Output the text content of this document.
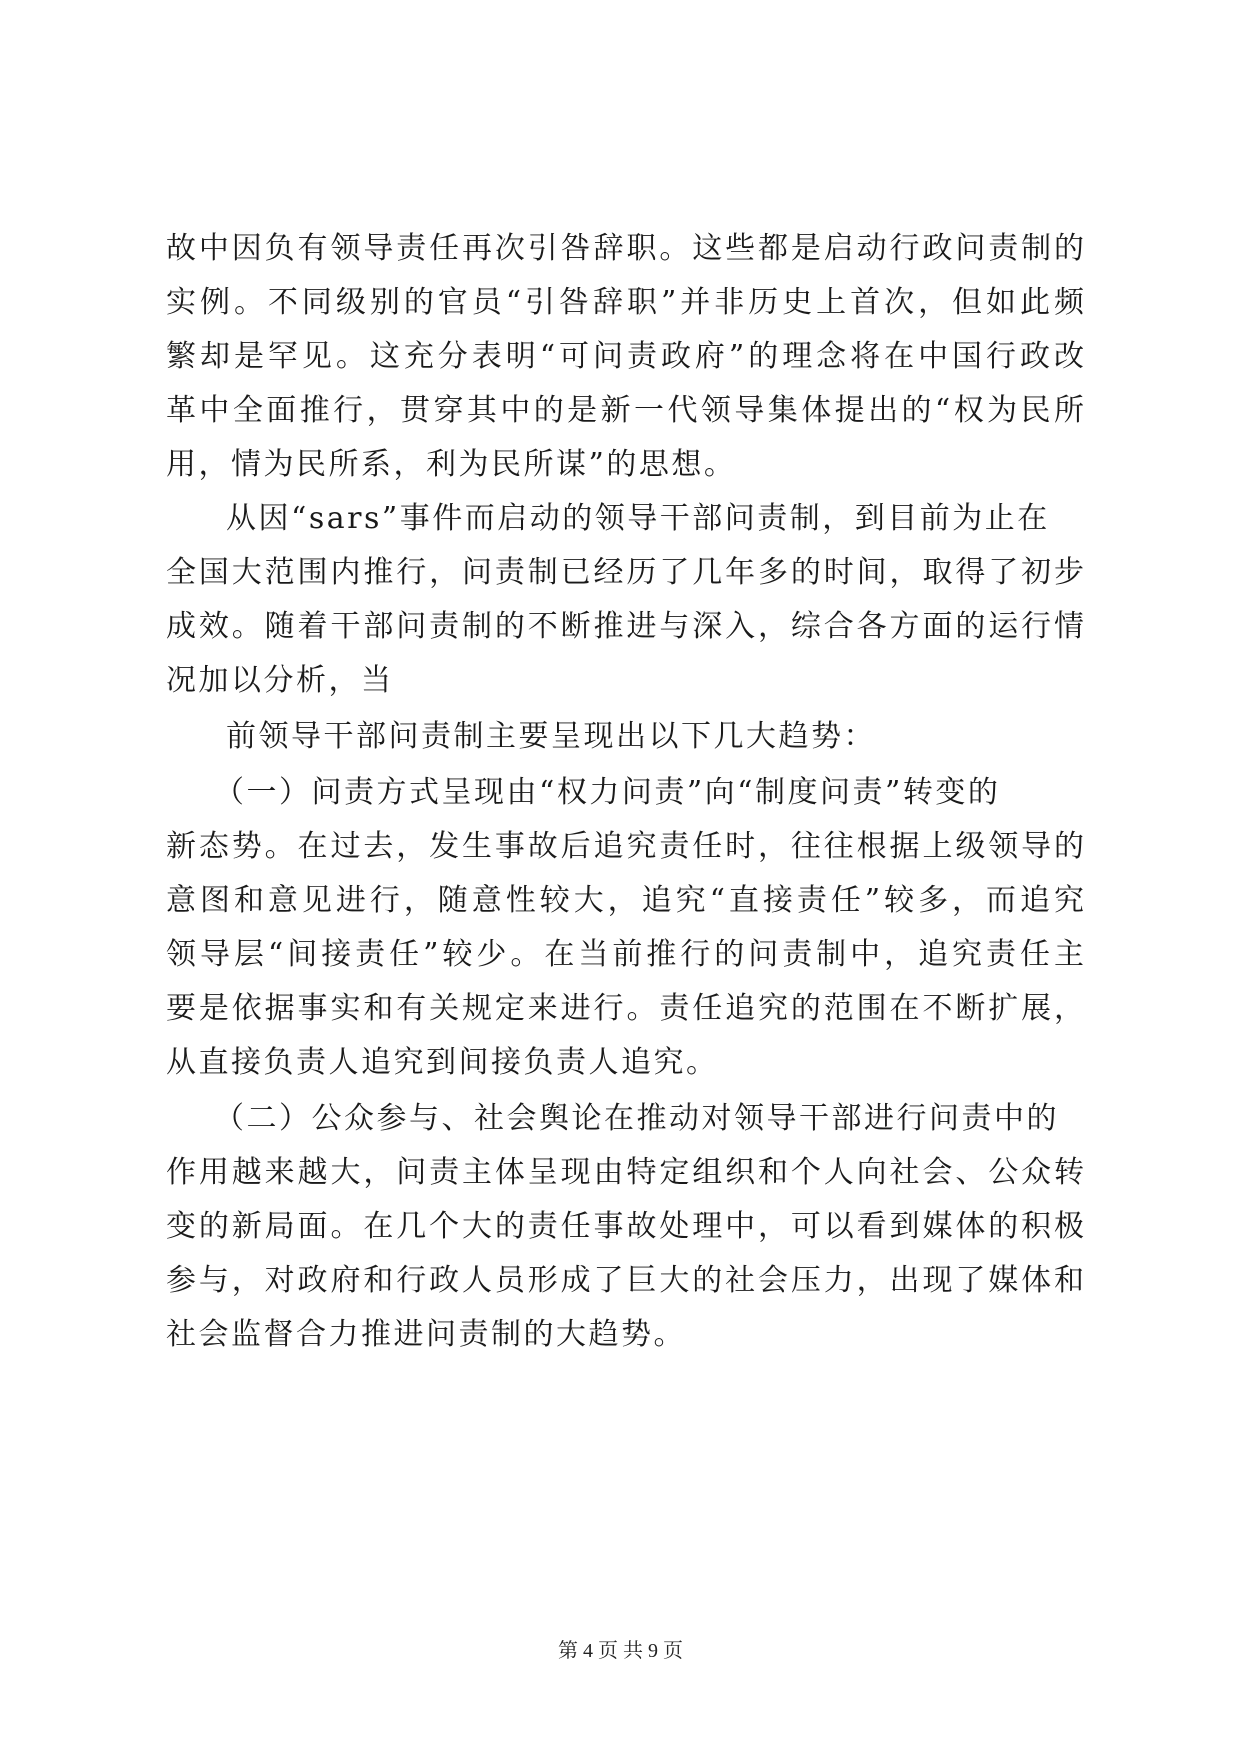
故中因负有领导责任再次引咎辞职。这些都是启动行政问责制的
实例。不同级别的官员“引咎辞职”并非历史上首次，但如此频
繁却是罕见。这充分表明“可问责政府”的理念将在中国行政改
革中全面推行，贯穿其中的是新一代领导集体提出的“权为民所
用，情为民所系，利为民所谋”的思想。
从因“sars”事件而启动的领导干部问责制，到目前为止在
全国大范围内推行，问责制已经历了几年多的时间，取得了初步
成效。随着干部问责制的不断推进与深入，综合各方面的运行情
况加以分析，当
前领导干部问责制主要呈现出以下几大趋势：
（一）问责方式呈现由“权力问责”向“制度问责”转变的
新态势。在过去，发生事故后追究责任时，往往根据上级领导的
意图和意见进行，随意性较大，追究“直接责任”较多，而追究
领导层“间接责任”较少。在当前推行的问责制中，追究责任主
要是依据事实和有关规定来进行。责任追究的范围在不断扩展，
从直接负责人追究到间接负责人追究。
（二）公众参与、社会舆论在推动对领导干部进行问责中的
作用越来越大，问责主体呈现由特定组织和个人向社会、公众转
变的新局面。在几个大的责任事故处理中，可以看到媒体的积极
参与，对政府和行政人员形成了巨大的社会压力，出现了媒体和
社会监督合力推进问责制的大趋势。
第 4 页 共 9 页
